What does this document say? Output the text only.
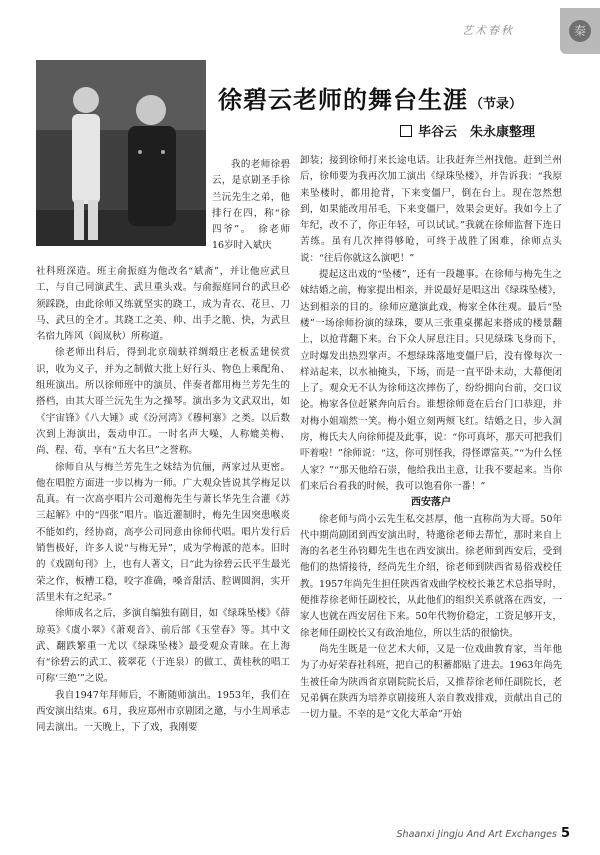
艺术春秋	秦
徐碧云老师的舞台生涯 （节录）
毕谷云　朱永康整理

我的老师徐碧云，是京剧圣手徐兰沅先生之弟，他排行在四，称“徐四爷”。　徐老师16岁时入斌庆

社科班深造。班主俞振庭为他改名“斌斋”，并让他应武旦工，与自己同演武生、武旦重头戏。与俞振庭同台的武旦必须踩跷，由此徐师又练就坚实的跷工，成为青衣、花旦、刀马、武旦的全才。其跷工之美、帅、出手之脆、快，为武旦名宿九阵风（阎岚秋）所称道。

徐老师出科后，得到北京瑞蚨祥绸缎庄老板孟建侯赏识，收为义子，并为之制做大批上好行头、物色上乘配角、组班演出。所以徐师班中的演员、伴奏者都用梅兰芳先生的搭档，由其大哥兰沅先生为之操琴。演出多为文武双出，如《宇宙锋》《八大锤》或《汾河湾》《穆柯寨》之类。以后数次到上海演出，轰动申江。一时名声大噪，人称媲美梅、尚、程、荀，享有“五大名旦”之誉称。

徐师自从与梅兰芳先生之妹结为伉俪，两家过从更密。他在唱腔方面进一步以梅为一师。广大观众皆说其学梅足以乱真。有一次高亭唱片公司邀梅先生与萧长华先生合灌《苏三起解》中的“四张”唱片。临近灌制时，梅先生因突患喉炎不能如约，经协商，高亭公司同意由徐师代唱。唱片发行后销售极好，许多人说“与梅无异”，成为学梅派的范本。旧时的《戏剧旬刊》上，也有人著文，日“此为徐碧云氏平生最光荣之作，板槽工稳，咬字准确，嗓音甜活、腔调圆润，实开活里未有之纪录。”

徐师成名之后，多演自编独有剧目，如《绿珠坠楼》《薛琼英》《虞小翠》《萧观音》、前后部《玉堂春》等。其中文武、翻跌繁重一尤以《绿珠坠楼》最受观众青睐。在上海有“徐碧云的武工、筱翠花（于连泉）的做工、黄桂秋的唱工可称‘三绝’”之说。

我自1947年拜师后，不断随师演出。1953年，我们在西安演出结束。6月，我应郑州市京剧团之邀，与小生周承志同去演出。一天晚上，下了戏，我刚要

卸装；接到徐师打来长途电话。让我赶奔兰州找他。赶到兰州后，徐师要为我再次加工演出《绿珠坠楼》，并告诉我：“我原来坠楼时，都用抢背，下来变僵尸，倒在台上。现在忽然想到，如果能改用吊毛，下来变僵尸，效果会更好。我如今上了年纪，改不了，你正年轻，可以试试。”我就在徐师监督下连日苦练。虽有几次摔得够呛，可终于战胜了困难，徐师点头说：“往后你就这么演吧！”

提起这出戏的“坠楼”，还有一段趣事。在徐师与梅先生之妹结婚之前，梅家提出相亲，并说最好是唱这出《绿珠坠楼》，达到相亲的目的。徐师应邀演此戏，梅家全体往观。最后“坠楼”一场徐师扮演的绿珠，要从三张重桌摞起来搭成的楼景翻上，以抢背翻下来。台下众人屏息注目。只见绿珠飞身而下，立时爆发出热烈掌声。不想绿珠落地变僵尸后，没有像每次一样站起来，以水袖掩头，下场，而是一直平卧未动，大幕便闭上了。观众无不认为徐师这次摔伤了，纷纷拥向台前，交口议论。梅家各位赶紧奔向后台。谁想徐师竟在后台门口恭迎，并对梅小姐端然一笑。梅小姐立刻两颊飞红。结婚之日，步入洞房，梅氏夫人向徐师提及此事，说：“你可真坏，那天可把我们吓着啦！”徐师说：“这，你可别怪我，得怪谭富英。”“为什么怪人家？”“那天他给石崇，他给我出主意，让我不要起来。当你们来后台看我的时候，我可以饱看你一番！”

西安落户

徐老师与尚小云先生私交甚厚，他一直称尚为大哥。50年代中期尚剧团到西安演出时，特邀徐老师去帮忙，那时来自上海的名老生孙钧卿先生也在西安演出。徐老师到西安后，受到他们的热情接待，经尚先生介绍，徐老师到陕西省易俗戏校任教。1957年尚先生担任陕西省戏曲学校校长兼艺术总指导时，便推荐徐老师任副校长，从此他们的组织关系就落在西安，一家人也就在西安居住下来。50年代物价稳定，工资足够开支，徐老师任副校长又有政治地位，所以生活的很愉快。

尚先生既是一位艺术大师，又是一位戏曲教育家，当年他为了办好荣春社科班，把自己的积蓄都贴了进去。1963年尚先生被任命为陕西省京剧院院长后，又推荐徐老师任副院长，老兄弟俩在陕西为培养京剧接班人亲自教戏排戏，贡献出自己的一切力量。不幸的是“文化大革命”开始

Shaanxi Jingju And Art Exchanges 5
